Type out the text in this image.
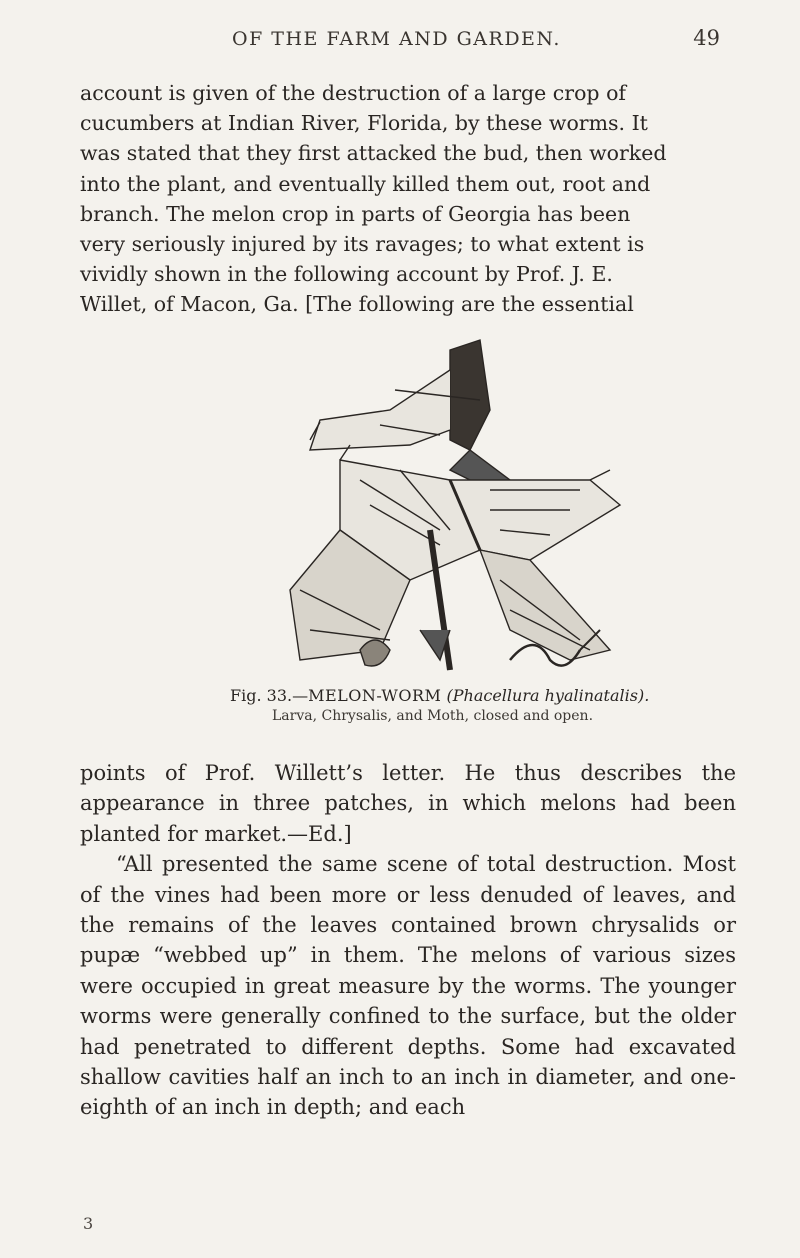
OF THE FARM AND GARDEN.	49

account is given of the destruction of a large crop of

cucumbers at Indian River, Florida, by these worms. It

was stated that they first attacked the bud, then worked

into the plant, and eventually killed them out, root and

branch. The melon crop in parts of Georgia has been

very seriously injured by its ravages; to what extent is

vividly shown in the following account by Prof. J. E.

Willet, of Macon, Ga. [The following are the essential

Fig. 33.—MELON-WORM (Phacellura hyalinatalis).
Larva, Chrysalis, and Moth, closed and open.

points of Prof. Willett’s letter. He thus describes the appearance in three patches, in which melons had been planted for market.—Ed.]

“All presented the same scene of total destruction. Most of the vines had been more or less denuded of leaves, and the remains of the leaves contained brown chrysalids or pupæ “webbed up” in them. The melons of various sizes were occupied in great measure by the worms. The younger worms were generally confined to the surface, but the older had penetrated to different depths. Some had excavated shallow cavities half an inch to an inch in diameter, and one-eighth of an inch in depth; and each

3
